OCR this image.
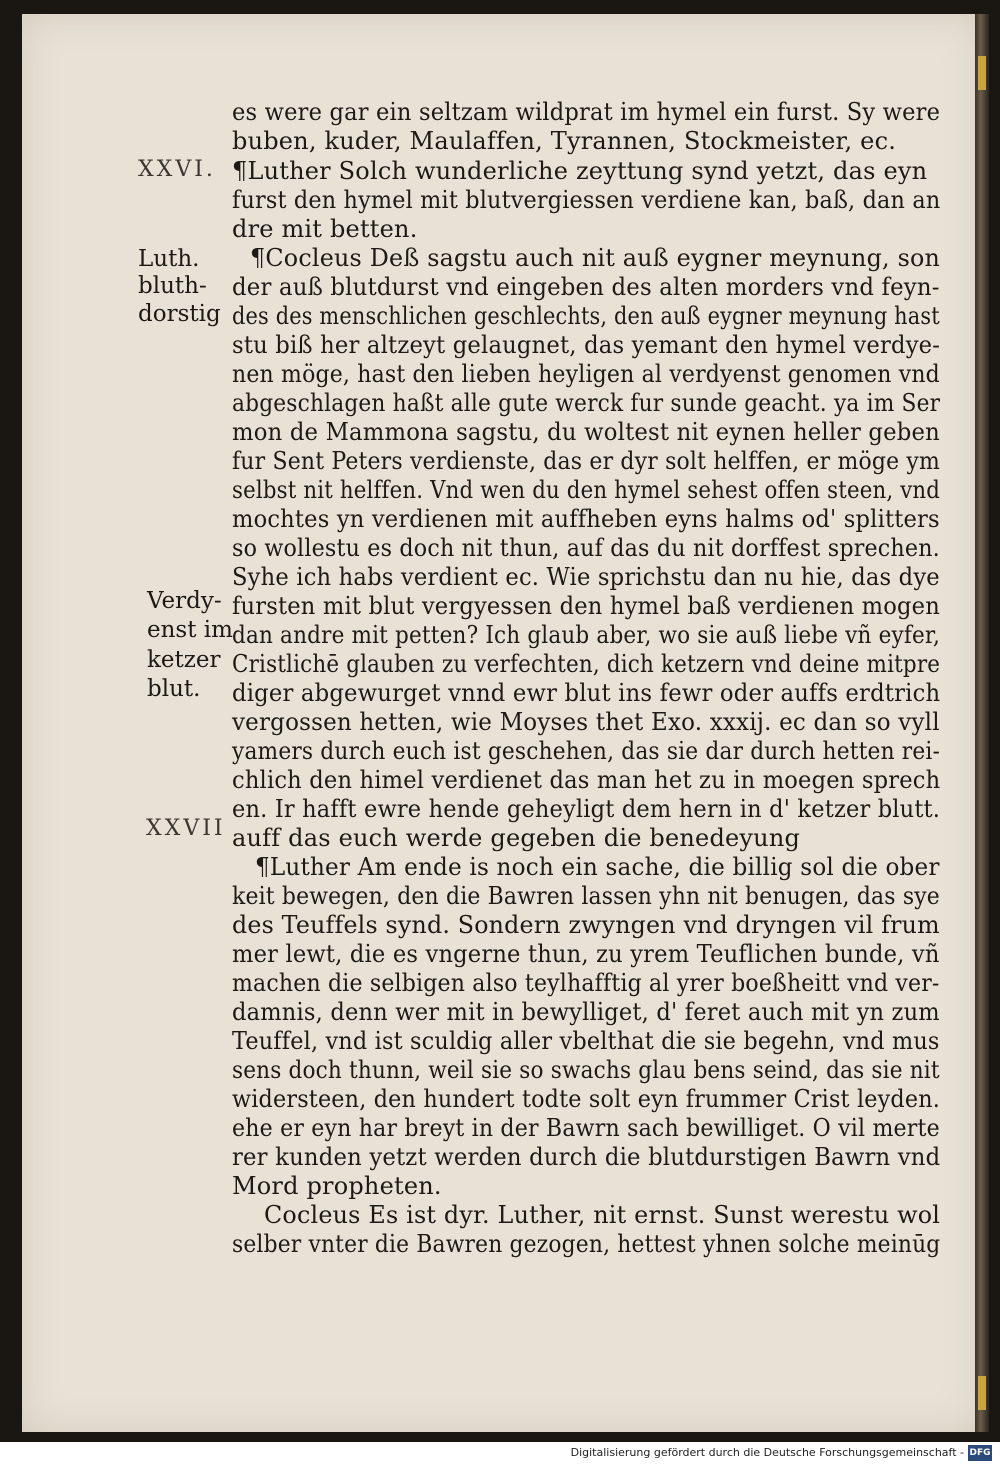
XXVI.
Luth.
bluth-
dorstig
Verdy-
enst im
ketzer
blut.
XXVII
es were gar ein seltzam wildprat im hymel ein furst. Sy were
buben, kuder, Maulaffen, Tyrannen, Stockmeister, ec.
¶Luther Solch wunderliche zeyttung synd yetzt, das eyn
furst den hymel mit blutvergiessen verdiene kan, baß, dan an
dre mit betten.
¶Cocleus Deß sagstu auch nit auß eygner meynung, son
der auß blutdurst vnd eingeben des alten morders vnd feyn-
des des menschlichen geschlechts, den auß eygner meynung hast
stu biß her altzeyt gelaugnet, das yemant den hymel verdye-
nen möge, hast den lieben heyligen al verdyenst genomen vnd
abgeschlagen haßt alle gute werck fur sunde geacht. ya im Ser
mon de Mammona sagstu, du woltest nit eynen heller geben
fur Sent Peters verdienste, das er dyr solt helffen, er möge ym
selbst nit helffen. Vnd wen du den hymel sehest offen steen, vnd
mochtes yn verdienen mit auffheben eyns halms od' splitters
so wollestu es doch nit thun, auf das du nit dorffest sprechen.
Syhe ich habs verdient ec. Wie sprichstu dan nu hie, das dye
fursten mit blut vergyessen den hymel baß verdienen mogen
dan andre mit petten? Ich glaub aber, wo sie auß liebe vñ eyfer,
Cristlichē glauben zu verfechten, dich ketzern vnd deine mitpre
diger abgewurget vnnd ewr blut ins fewr oder auffs erdtrich
vergossen hetten, wie Moyses thet Exo. xxxij. ec dan so vyll
yamers durch euch ist geschehen, das sie dar durch hetten rei-
chlich den himel verdienet das man het zu in moegen sprech
en. Ir hafft ewre hende geheyligt dem hern in d' ketzer blutt.
auff das euch werde gegeben die benedeyung
¶Luther Am ende is noch ein sache, die billig sol die ober
keit bewegen, den die Bawren lassen yhn nit benugen, das sye
des Teuffels synd. Sondern zwyngen vnd dryngen vil frum
mer lewt, die es vngerne thun, zu yrem Teuflichen bunde, vñ
machen die selbigen also teylhafftig al yrer boeßheitt vnd ver-
damnis, denn wer mit in bewylliget, d' feret auch mit yn zum
Teuffel, vnd ist sculdig aller vbelthat die sie begehn, vnd mus
sens doch thunn, weil sie so swachs glau bens seind, das sie nit
widersteen, den hundert todte solt eyn frummer Crist leyden.
ehe er eyn har breyt in der Bawrn sach bewilliget. O vil merte
rer kunden yetzt werden durch die blutdurstigen Bawrn vnd
Mord propheten.
Cocleus Es ist dyr. Luther, nit ernst. Sunst werestu wol
selber vnter die Bawren gezogen, hettest yhnen solche meinūg
Digitalisierung gefördert durch die Deutsche Forschungsgemeinschaft - DFG
